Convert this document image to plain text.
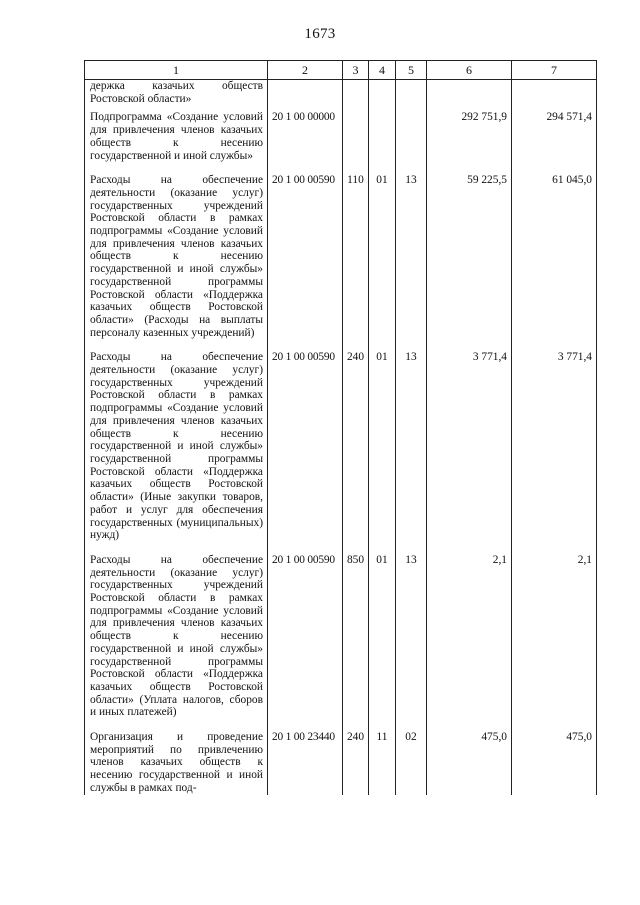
1673
1	2	3	4	5	6	7
держка казачьих обществ Ростовской области»						
Подпрограмма «Создание условий для привлечения членов казачьих обществ к несению государственной и иной службы»	20 1 00 00000				292 751,9	294 571,4
Расходы на обеспечение деятельности (оказание услуг) государственных учреждений Ростовской области в рамках подпрограммы «Создание условий для привлечения членов казачьих обществ к несению государственной и иной службы» государственной программы Ростовской области «Поддержка казачьих обществ Ростовской области» (Расходы на выплаты персоналу казенных учреждений)	20 1 00 00590	110	01	13	59 225,5	61 045,0
Расходы на обеспечение деятельности (оказание услуг) государственных учреждений Ростовской области в рамках подпрограммы «Создание условий для привлечения членов казачьих обществ к несению государственной и иной службы» государственной программы Ростовской области «Поддержка казачьих обществ Ростовской области» (Иные закупки товаров, работ и услуг для обеспечения государственных (муниципальных) нужд)	20 1 00 00590	240	01	13	3 771,4	3 771,4
Расходы на обеспечение деятельности (оказание услуг) государственных учреждений Ростовской области в рамках подпрограммы «Создание условий для привлечения членов казачьих обществ к несению государственной и иной службы» государственной программы Ростовской области «Поддержка казачьих обществ Ростовской области» (Уплата налогов, сборов и иных платежей)	20 1 00 00590	850	01	13	2,1	2,1
Организация и проведение мероприятий по привлечению членов казачьих обществ к несению государственной и иной службы в рамках под-	20 1 00 23440	240	11	02	475,0	475,0
